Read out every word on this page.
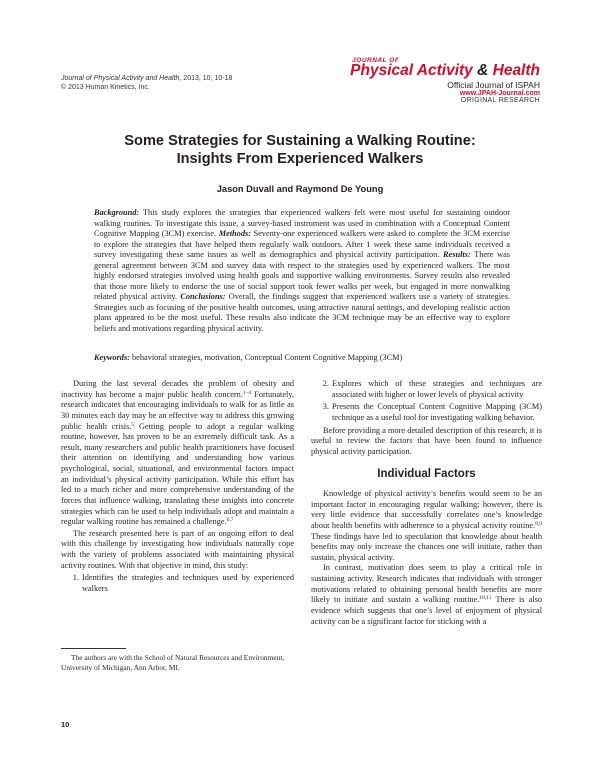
Journal of Physical Activity and Health, 2013, 10, 10-18
© 2013 Human Kinetics, Inc.
JOURNAL OF
Physical Activity & Health
Official Journal of ISPAH
www.JPAH-Journal.com
ORIGINAL RESEARCH
Some Strategies for Sustaining a Walking Routine:
Insights From Experienced Walkers
Jason Duvall and Raymond De Young
Background: This study explores the strategies that experienced walkers felt were most useful for sustaining outdoor walking routines. To investigate this issue, a survey-based instrument was used in combination with a Conceptual Content Cognitive Mapping (3CM) exercise. Methods: Seventy-one experienced walkers were asked to complete the 3CM exercise to explore the strategies that have helped them regularly walk outdoors. After 1 week these same individuals received a survey investigating these same issues as well as demographics and physical activity participation. Results: There was general agreement between 3CM and survey data with respect to the strategies used by experienced walkers. The most highly endorsed strategies involved using health goals and supportive walking environments. Survey results also revealed that those more likely to endorse the use of social support took fewer walks per week, but engaged in more nonwalking related physical activity. Conclusions: Overall, the findings suggest that experienced walkers use a variety of strategies. Strategies such as focusing of the positive health outcomes, using attractive natural settings, and developing realistic action plans appeared to be the most useful. These results also indicate the 3CM technique may be an effective way to explore beliefs and motivations regarding physical activity.
Keywords: behavioral strategies, motivation, Conceptual Content Cognitive Mapping (3CM)

During the last several decades the problem of obesity and inactivity has become a major public health concern.$^{1-4}$ Fortunately, research indicates that encouraging individuals to walk for as little as 30 minutes each day may be an effective way to address this growing public health crisis.$^5$ Getting people to adopt a regular walking routine, however, has proven to be an extremely difficult task. As a result, many researchers and public health practitioners have focused their attention on identifying and understanding how various psychological, social, situational, and environmental factors impact an individual’s physical activity participation. While this effort has led to a much richer and more comprehensive understanding of the forces that influence walking, translating these insights into concrete strategies which can be used to help individuals adopt and maintain a regular walking routine has remained a challenge.$^{6,7}$

The research presented here is part of an ongoing effort to deal with this challenge by investigating how individuals naturally cope with the variety of problems associated with maintaining physical activity routines. With that objective in mind, this study:

1. Identifies the strategies and techniques used by experienced walkers
2. Explores which of these strategies and techniques are associated with higher or lower levels of physical activity
3. Presents the Conceptual Content Cognitive Mapping (3CM) technique as a useful tool for investigating walking behavior.

Before providing a more detailed description of this research, it is useful to review the factors that have been found to influence physical activity participation.

Individual Factors

Knowledge of physical activity’s benefits would seem to be an important factor in encouraging regular walking; however, there is very little evidence that successfully correlates one’s knowledge about health benefits with adherence to a physical activity routine.$^{8,9}$ These findings have led to speculation that knowledge about health benefits may only increase the chances one will initiate, rather than sustain, physical activity.

In contrast, motivation does seem to play a critical role in sustaining activity. Research indicates that individuals with stronger motivations related to obtaining personal health benefits are more likely to initiate and sustain a walking routine.$^{10,11}$ There is also evidence which suggests that one’s level of enjoyment of physical activity can be a significant factor for sticking with a

The authors are with the School of Natural Resources and Environment, University of Michigan, Ann Arbor, MI.
10
